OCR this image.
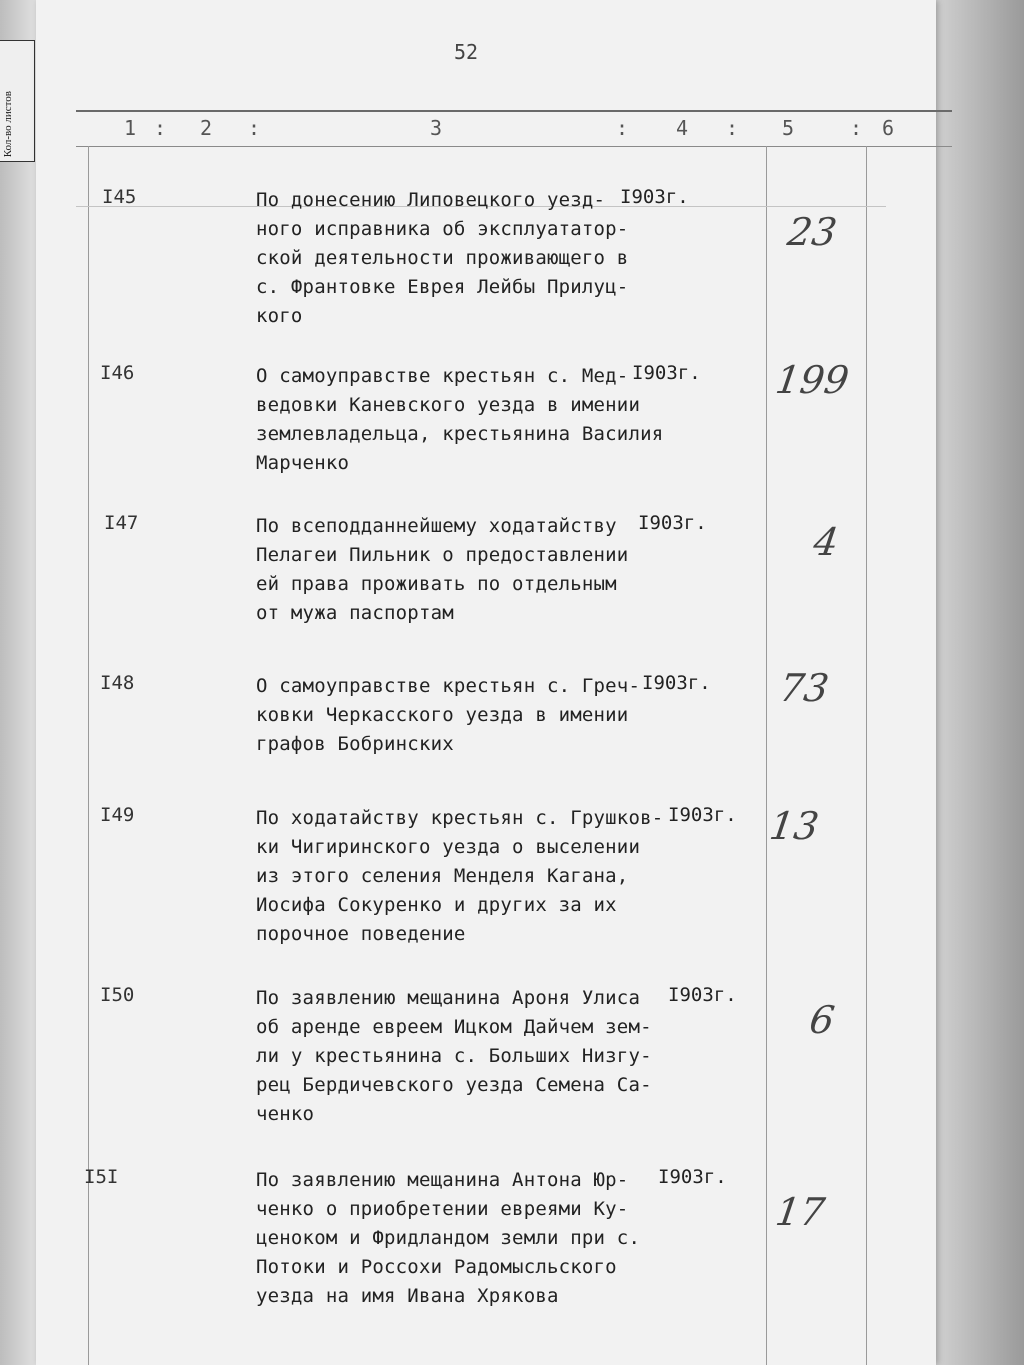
Кол-во листов
52
1 : 2 :	3	: 4 : 5	: 6
I45	По донесению Липовецкого уезд-
ного исправника об эксплуататор-
ской деятельности проживающего в
с. Франтовке Еврея Лейбы Прилуц-
кого
I903г.
23
I46	О самоуправстве крестьян с. Мед-
ведовки Каневского уезда в имении
землевладельца, крестьянина Василия
Марченко
I903г. 199
I47	По всеподданнейшему ходатайству
Пелагеи Пильник о предоставлении
ей права проживать по отдельным
от мужа паспортам
I903г.	4
I48	О самоуправстве крестьян с. Греч-
ковки Черкасского уезда в имении
графов Бобринских
I903г. 73
I49	По ходатайству крестьян с. Грушков-
ки Чигиринского уезда о выселении
из этого селения Менделя Кагана,
Иосифа Сокуренко и других за их
порочное поведение
I903г. 13
I50	По заявлению мещанина Ароня Улиса
об аренде евреем Ицком Дайчем зем-
ли у крестьянина с. Больших Низгу-
рец Бердичевского уезда Семена Са-
ченко
I903г.
6
I5I	По заявлению мещанина Антона Юр-
ченко о приобретении евреями Ку-
ценоком и Фридландом земли при с.
Потоки и Россохи Радомысльского
уезда на имя Ивана Хрякова
I903г.
17
